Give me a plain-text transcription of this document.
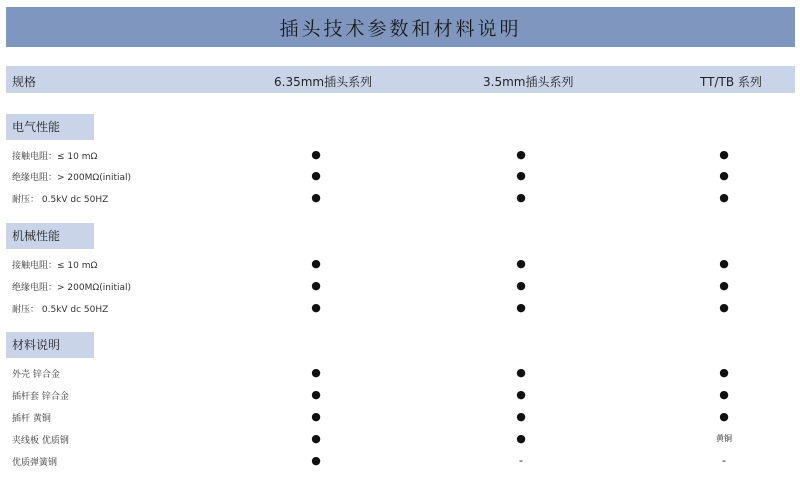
插头技术参数和材料说明
规格	6.35mm插头系列	3.5mm插头系列	TT/TB 系列
电气性能
接触电阻：≤ 10 mΩ	●	●	●
绝缘电阻：> 200MΩ(initial)	●	●	●
耐压： 0.5kV dc 50HZ	●	●	●
机械性能
接触电阻：≤ 10 mΩ	●	●	●
绝缘电阻：> 200MΩ(initial)	●	●	●
耐压： 0.5kV dc 50HZ	●	●	●
材料说明
外壳 锌合金	●	●	●
插杆套 锌合金	●	●	●
插杆 黄铜	●	●	●
夹线板 优质钢	●	●	黄铜
优质弹簧钢	●	-	-
